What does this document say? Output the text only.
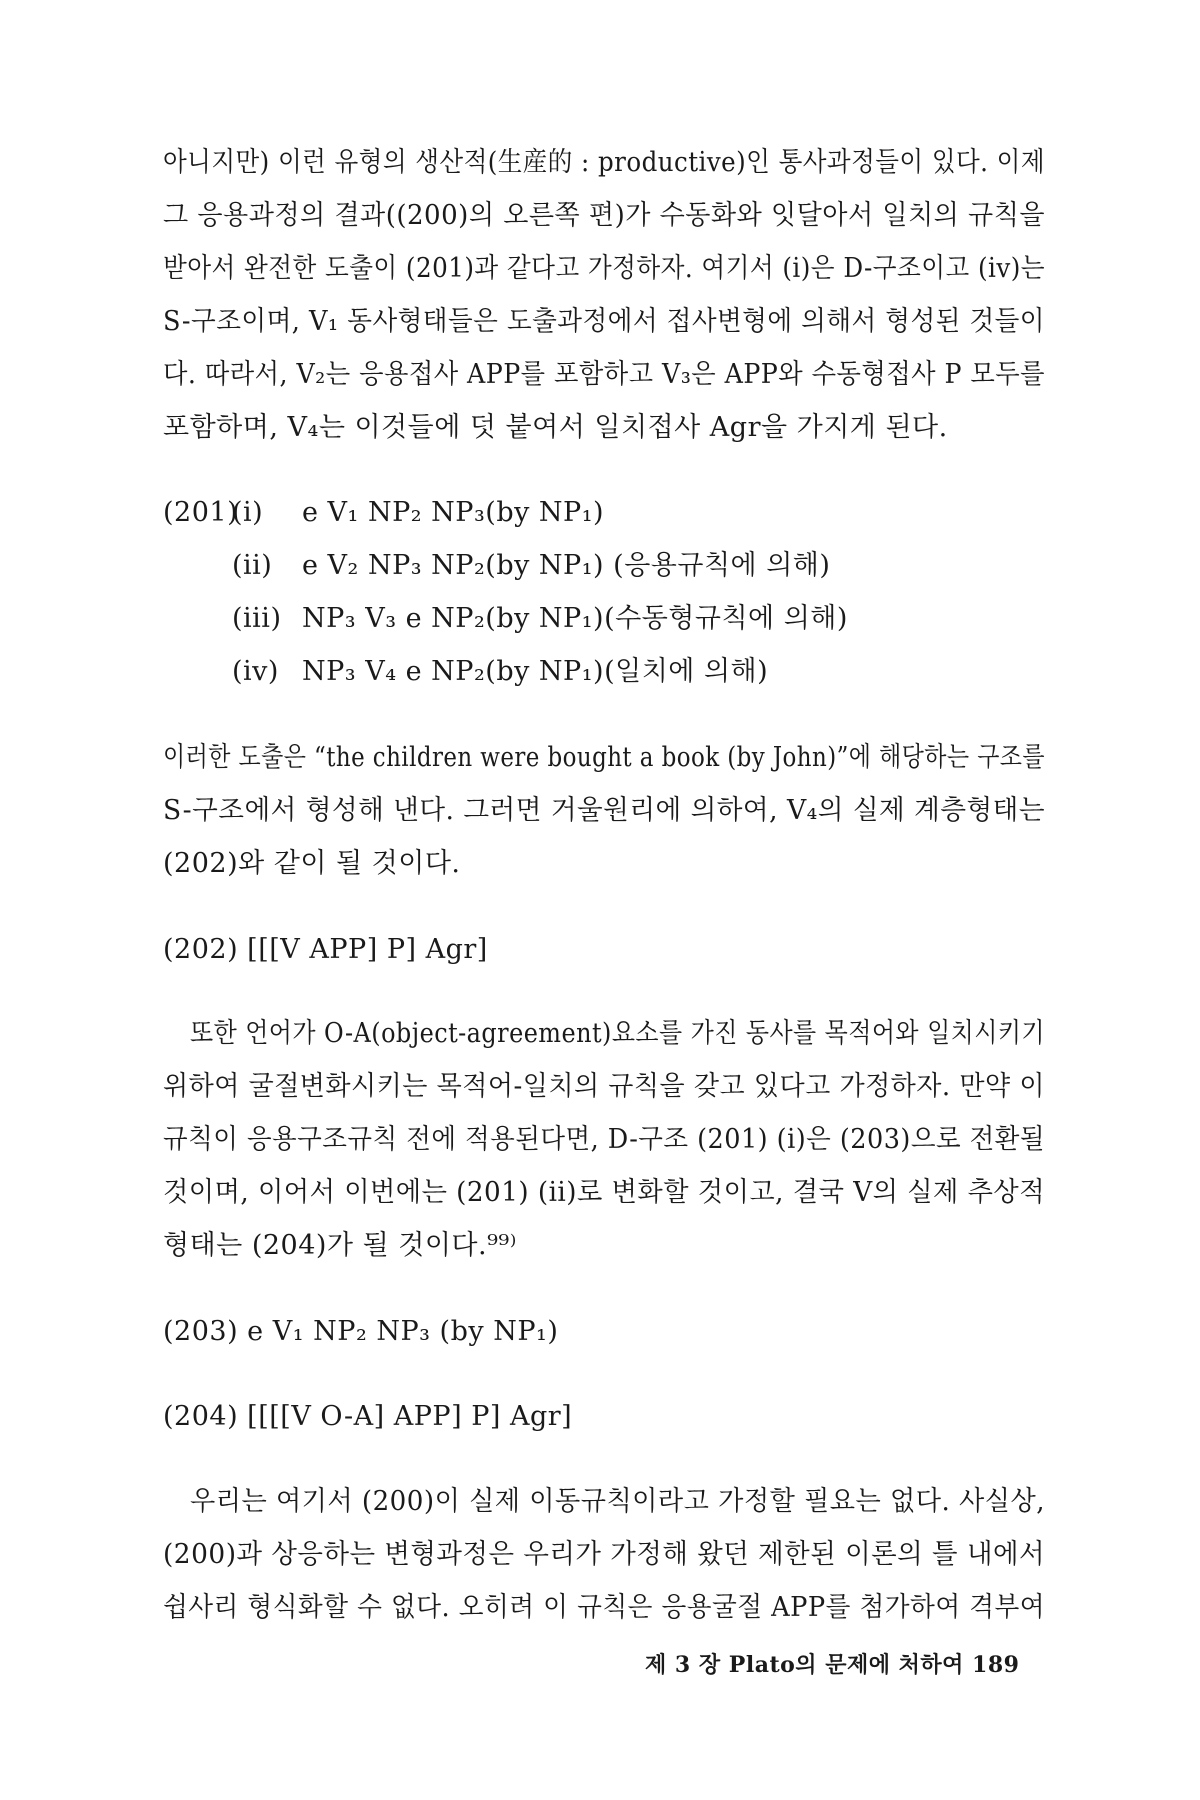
아니지만) 이런 유형의 생산적(生産的 : productive)인 통사과정들이 있다. 이제
그 응용과정의 결과((200)의 오른쪽 편)가 수동화와 잇달아서 일치의 규칙을
받아서 완전한 도출이 (201)과 같다고 가정하자. 여기서 (i)은 D-구조이고 (iv)는
S-구조이며, V₁ 동사형태들은 도출과정에서 접사변형에 의해서 형성된 것들이
다. 따라서, V₂는 응용접사 APP를 포함하고 V₃은 APP와 수동형접사 P 모두를
포함하며, V₄는 이것들에 덧 붙여서 일치접사 Agr을 가지게 된다.
(201)
(i) e V₁ NP₂ NP₃(by NP₁)
(ii) e V₂ NP₃ NP₂(by NP₁) (응용규칙에 의해)
(iii) NP₃ V₃ e NP₂(by NP₁)(수동형규칙에 의해)
(iv) NP₃ V₄ e NP₂(by NP₁)(일치에 의해)
이러한 도출은 “the children were bought a book (by John)”에 해당하는 구조를
S-구조에서 형성해 낸다. 그러면 거울원리에 의하여, V₄의 실제 계층형태는
(202)와 같이 될 것이다.
(202) [[[V APP] P] Agr]
또한 언어가 O-A(object-agreement)요소를 가진 동사를 목적어와 일치시키기
위하여 굴절변화시키는 목적어-일치의 규칙을 갖고 있다고 가정하자. 만약 이
규칙이 응용구조규칙 전에 적용된다면, D-구조 (201) (i)은 (203)으로 전환될
것이며, 이어서 이번에는 (201) (ii)로 변화할 것이고, 결국 V의 실제 추상적
형태는 (204)가 될 것이다.⁹⁹⁾
(203) e V₁ NP₂ NP₃ (by NP₁)
(204) [[[[V O-A] APP] P] Agr]
우리는 여기서 (200)이 실제 이동규칙이라고 가정할 필요는 없다. 사실상,
(200)과 상응하는 변형과정은 우리가 가정해 왔던 제한된 이론의 틀 내에서
쉽사리 형식화할 수 없다. 오히려 이 규칙은 응용굴절 APP를 첨가하여 격부여
제 3 장 Plato의 문제에 처하여 189
